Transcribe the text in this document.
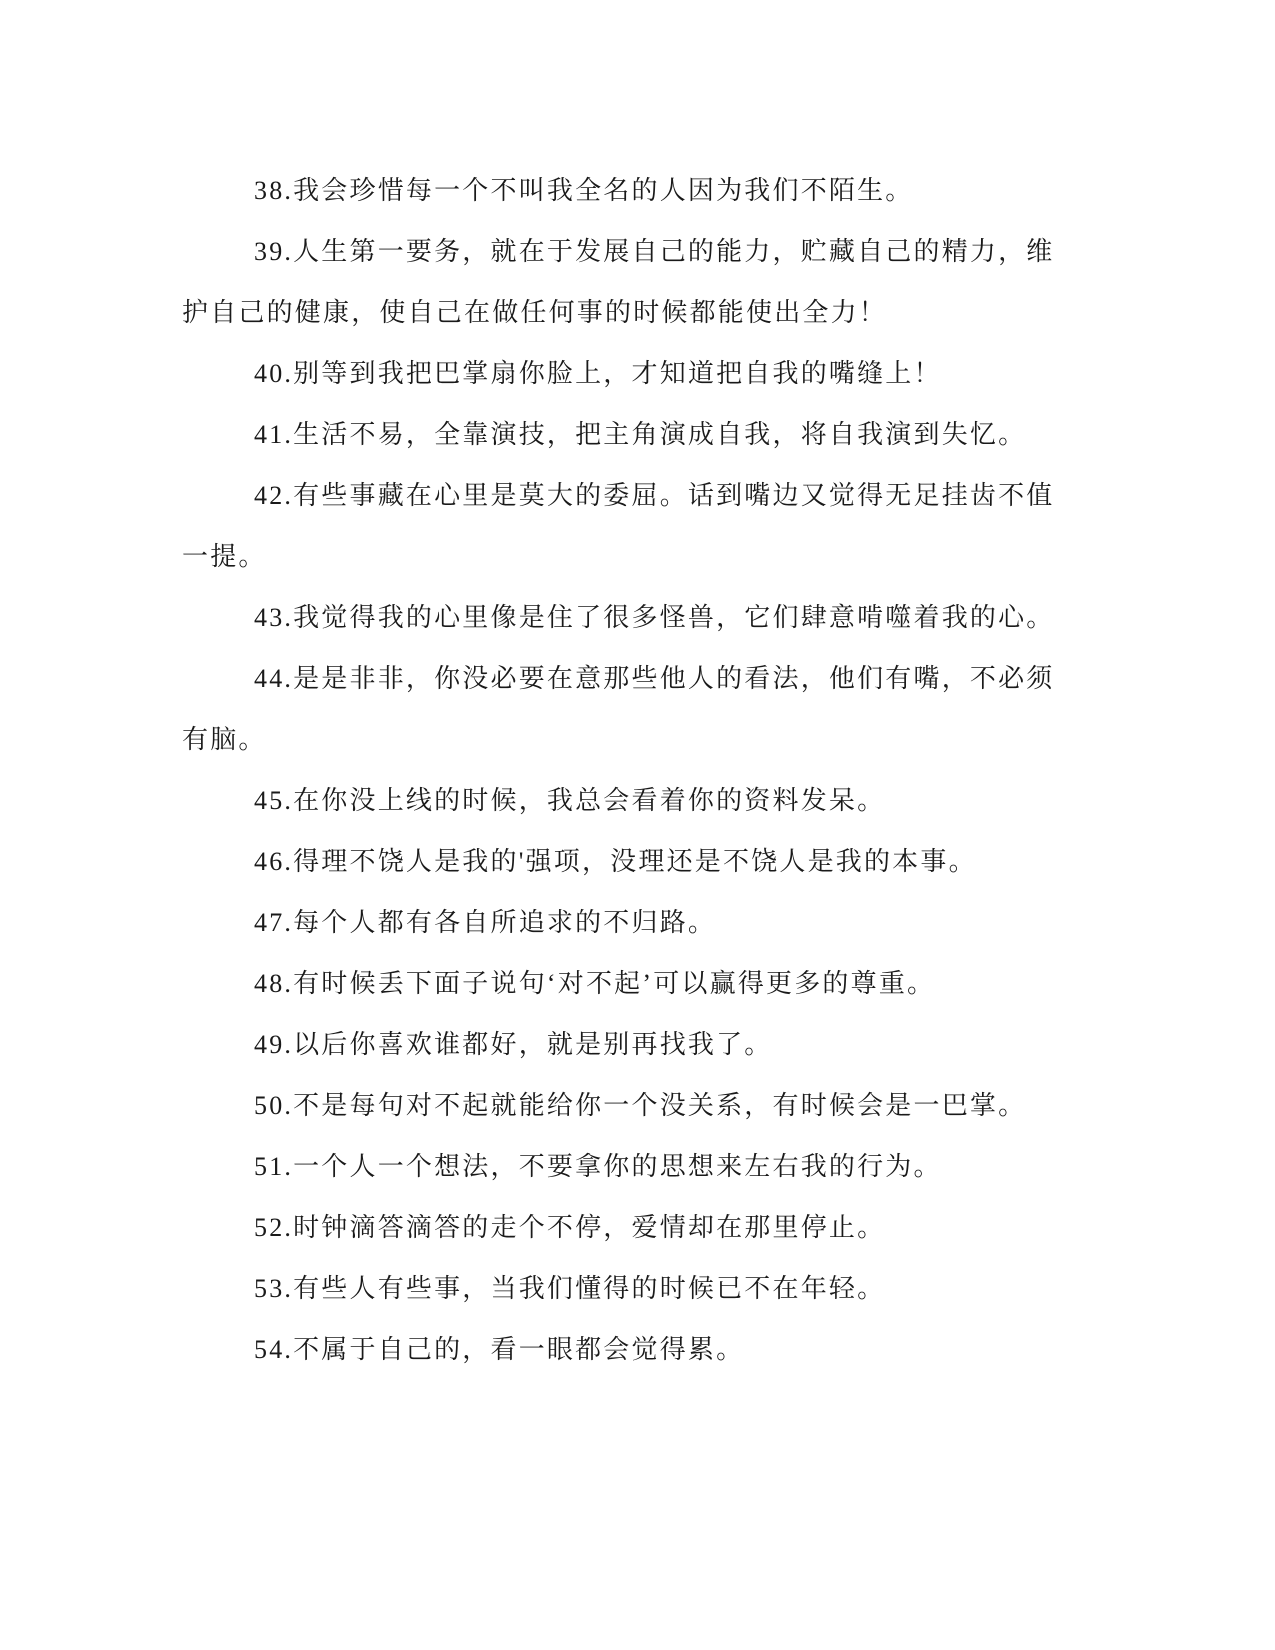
38.我会珍惜每一个不叫我全名的人因为我们不陌生。

39.人生第一要务，就在于发展自己的能力，贮藏自己的精力，维护自己的健康，使自己在做任何事的时候都能使出全力！

40.别等到我把巴掌扇你脸上，才知道把自我的嘴缝上！

41.生活不易，全靠演技，把主角演成自我，将自我演到失忆。

42.有些事藏在心里是莫大的委屈。话到嘴边又觉得无足挂齿不值一提。

43.我觉得我的心里像是住了很多怪兽，它们肆意啃噬着我的心。

44.是是非非，你没必要在意那些他人的看法，他们有嘴，不必须有脑。

45.在你没上线的时候，我总会看着你的资料发呆。

46.得理不饶人是我的'强项，没理还是不饶人是我的本事。

47.每个人都有各自所追求的不归路。

48.有时候丢下面子说句‘对不起’可以赢得更多的尊重。

49.以后你喜欢谁都好，就是别再找我了。

50.不是每句对不起就能给你一个没关系，有时候会是一巴掌。

51.一个人一个想法，不要拿你的思想来左右我的行为。

52.时钟滴答滴答的走个不停，爱情却在那里停止。

53.有些人有些事，当我们懂得的时候已不在年轻。

54.不属于自己的，看一眼都会觉得累。
